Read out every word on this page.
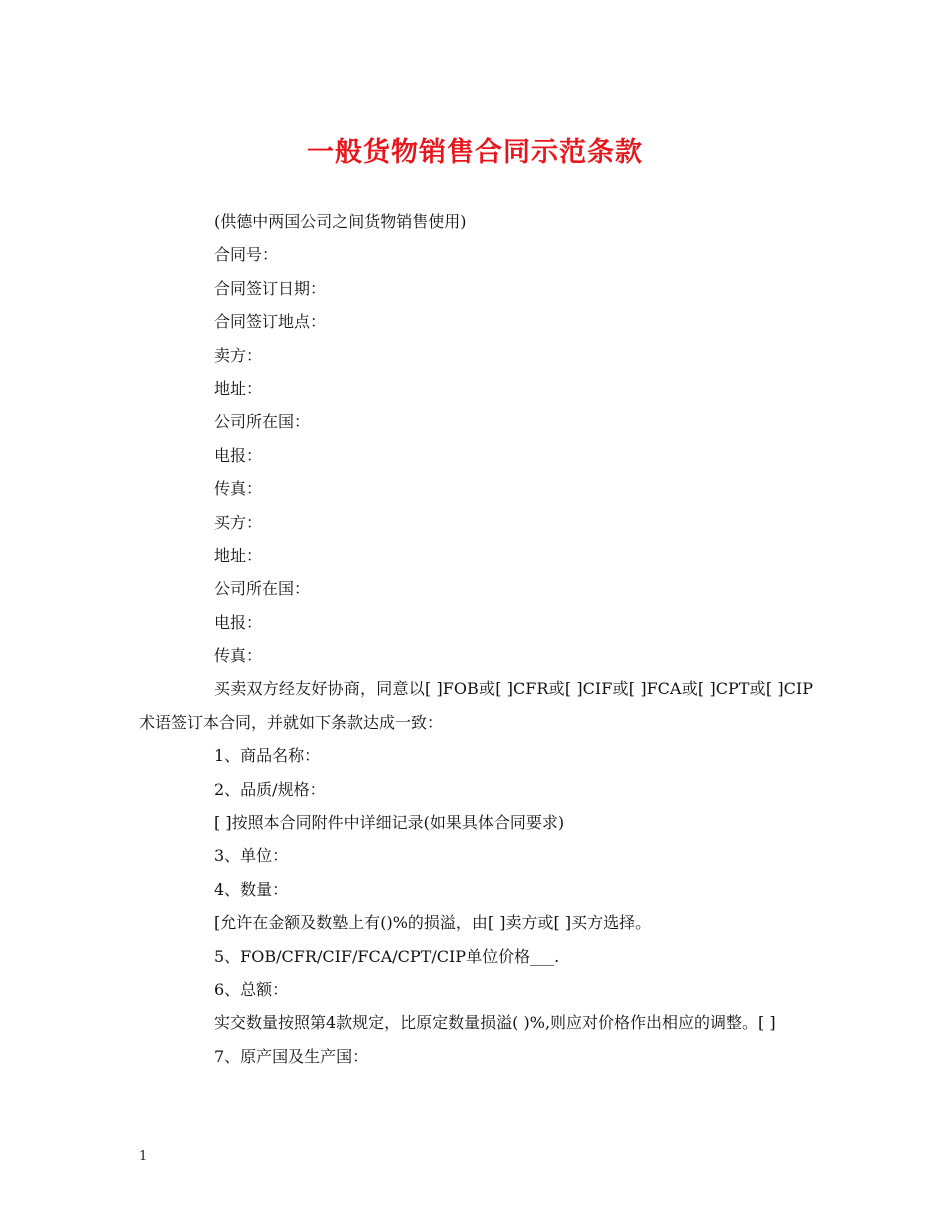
一般货物销售合同示范条款

(供德中两国公司之间货物销售使用)

合同号：

合同签订日期：

合同签订地点：

卖方：

地址：

公司所在国：

电报：

传真：

买方：

地址：

公司所在国：

电报：

传真：

买卖双方经友好协商，同意以[ ]FOB或[ ]CFR或[ ]CIF或[ ]FCA或[ ]CPT或[ ]CIP术语签订本合同，并就如下条款达成一致：

1、商品名称：

2、品质/规格：

[ ]按照本合同附件中详细记录(如果具体合同要求)

3、单位：

4、数量：

[允许在金额及数塾上有()%的损溢，由[ ]卖方或[ ]买方选择。

5、FOB/CFR/CIF/FCA/CPT/CIP单位价格___.

6、总额：

实交数量按照第4款规定，比原定数量损溢( )%,则应对价格作出相应的调整。[ ]

7、原产国及生产国：

1
